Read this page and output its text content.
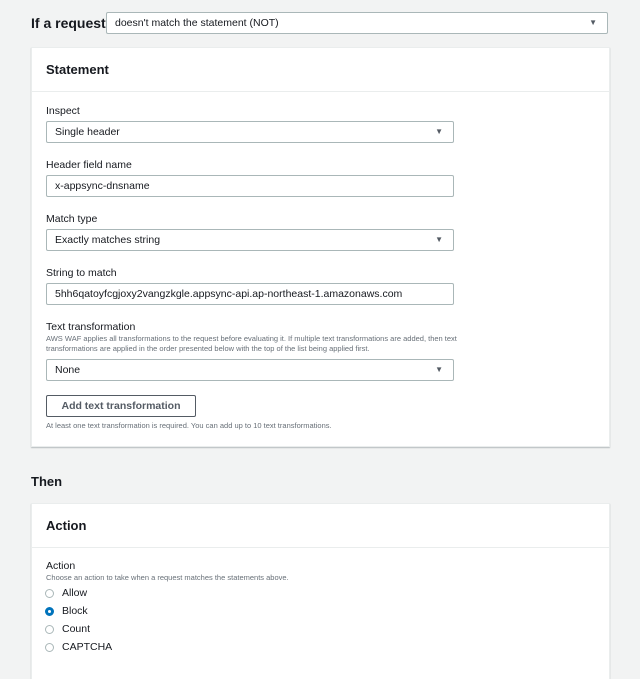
If a request doesn't match the statement (NOT)	▼
Statement
Inspect
Single header	▼
Header field name
x-appsync-dnsname
Match type
Exactly matches string	▼
String to match
5hh6qatoyfcgjoxy2vangzkgle.appsync-api.ap-northeast-1.amazonaws.com
Text transformation
AWS WAF applies all transformations to the request before evaluating it. If multiple text transformations are added, then text
transformations are applied in the order presented below with the top of the list being applied first.
None	▼
Add text transformation
At least one text transformation is required. You can add up to 10 text transformations.
Then
Action
Action
Choose an action to take when a request matches the statements above.
Allow
Block
Count
CAPTCHA
